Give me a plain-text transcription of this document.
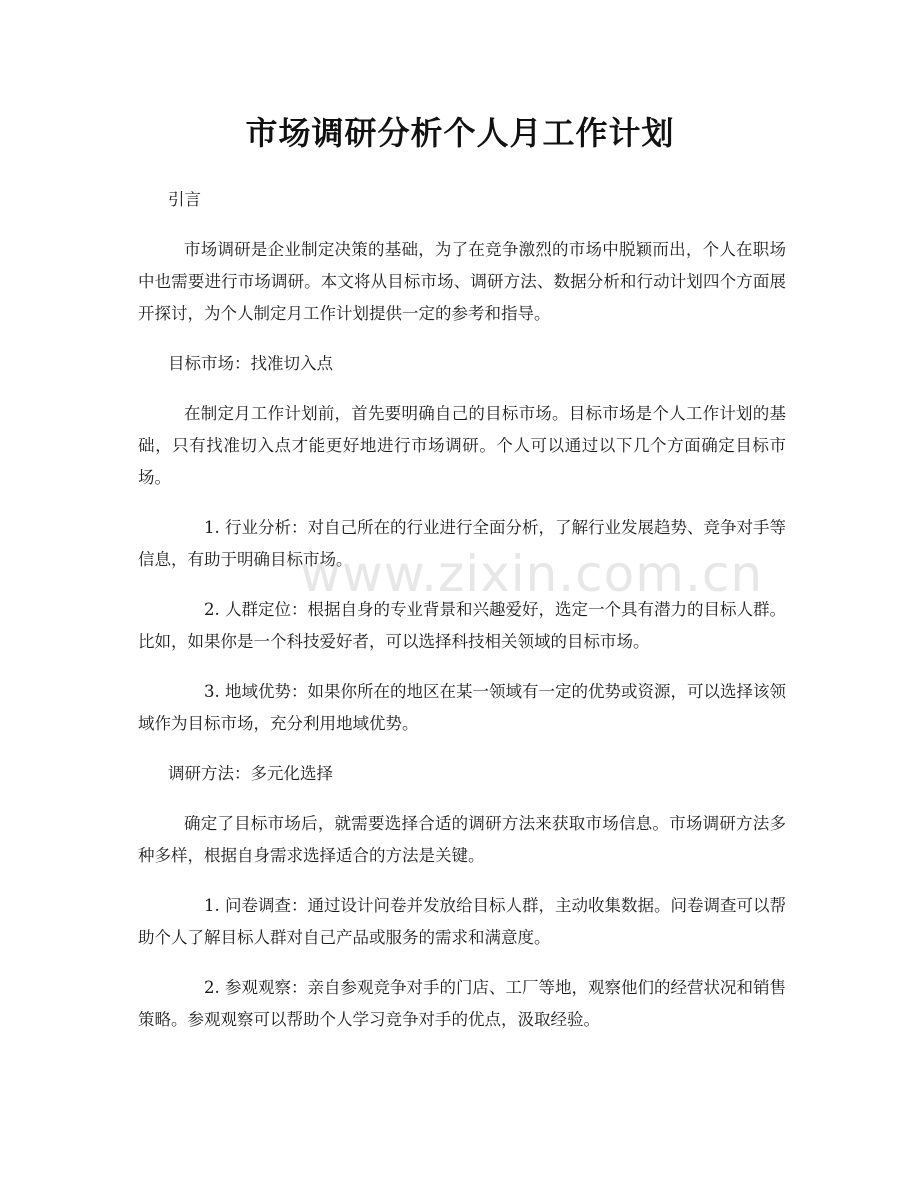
市场调研分析个人月工作计划

引言

市场调研是企业制定决策的基础，为了在竞争激烈的市场中脱颖而出，个人在职场中也需要进行市场调研。本文将从目标市场、调研方法、数据分析和行动计划四个方面展开探讨，为个人制定月工作计划提供一定的参考和指导。

目标市场：找准切入点

在制定月工作计划前，首先要明确自己的目标市场。目标市场是个人工作计划的基础，只有找准切入点才能更好地进行市场调研。个人可以通过以下几个方面确定目标市场。

1. 行业分析：对自己所在的行业进行全面分析，了解行业发展趋势、竞争对手等信息，有助于明确目标市场。

2. 人群定位：根据自身的专业背景和兴趣爱好，选定一个具有潜力的目标人群。比如，如果你是一个科技爱好者，可以选择科技相关领域的目标市场。

3. 地域优势：如果你所在的地区在某一领域有一定的优势或资源，可以选择该领域作为目标市场，充分利用地域优势。

调研方法：多元化选择

确定了目标市场后，就需要选择合适的调研方法来获取市场信息。市场调研方法多种多样，根据自身需求选择适合的方法是关键。

1. 问卷调查：通过设计问卷并发放给目标人群，主动收集数据。问卷调查可以帮助个人了解目标人群对自己产品或服务的需求和满意度。

2. 参观观察：亲自参观竞争对手的门店、工厂等地，观察他们的经营状况和销售策略。参观观察可以帮助个人学习竞争对手的优点，汲取经验。

www.zixin.com.cn
